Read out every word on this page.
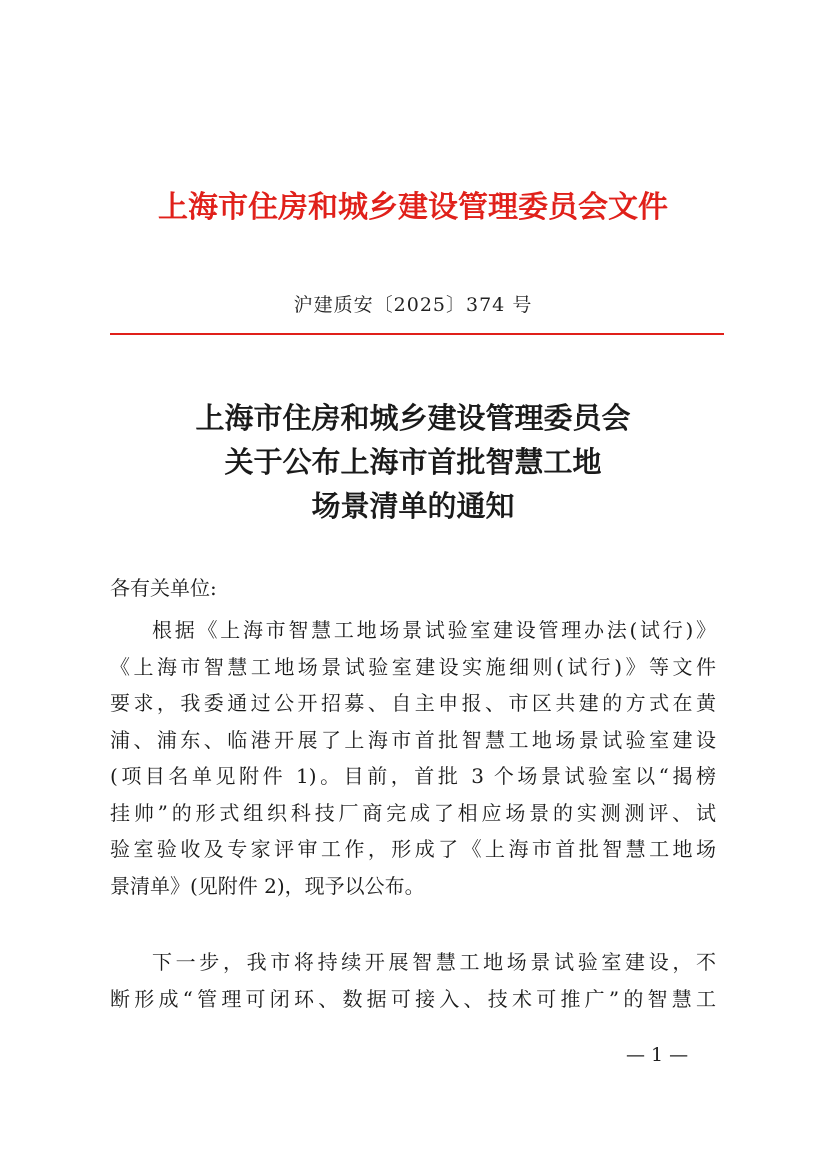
上海市住房和城乡建设管理委员会文件
沪建质安〔2025〕374 号
上海市住房和城乡建设管理委员会
关于公布上海市首批智慧工地
场景清单的通知
各有关单位:
根据《上海市智慧工地场景试验室建设管理办法(试行)》
《上海市智慧工地场景试验室建设实施细则(试行)》等文件
要求，我委通过公开招募、自主申报、市区共建的方式在黄
浦、浦东、临港开展了上海市首批智慧工地场景试验室建设
(项目名单见附件 1)。目前，首批 3 个场景试验室以“揭榜
挂帅”的形式组织科技厂商完成了相应场景的实测测评、试
验室验收及专家评审工作，形成了《上海市首批智慧工地场
景清单》(见附件 2)，现予以公布。
下一步，我市将持续开展智慧工地场景试验室建设，不
断形成“管理可闭环、数据可接入、技术可推广”的智慧工
— 1 —
